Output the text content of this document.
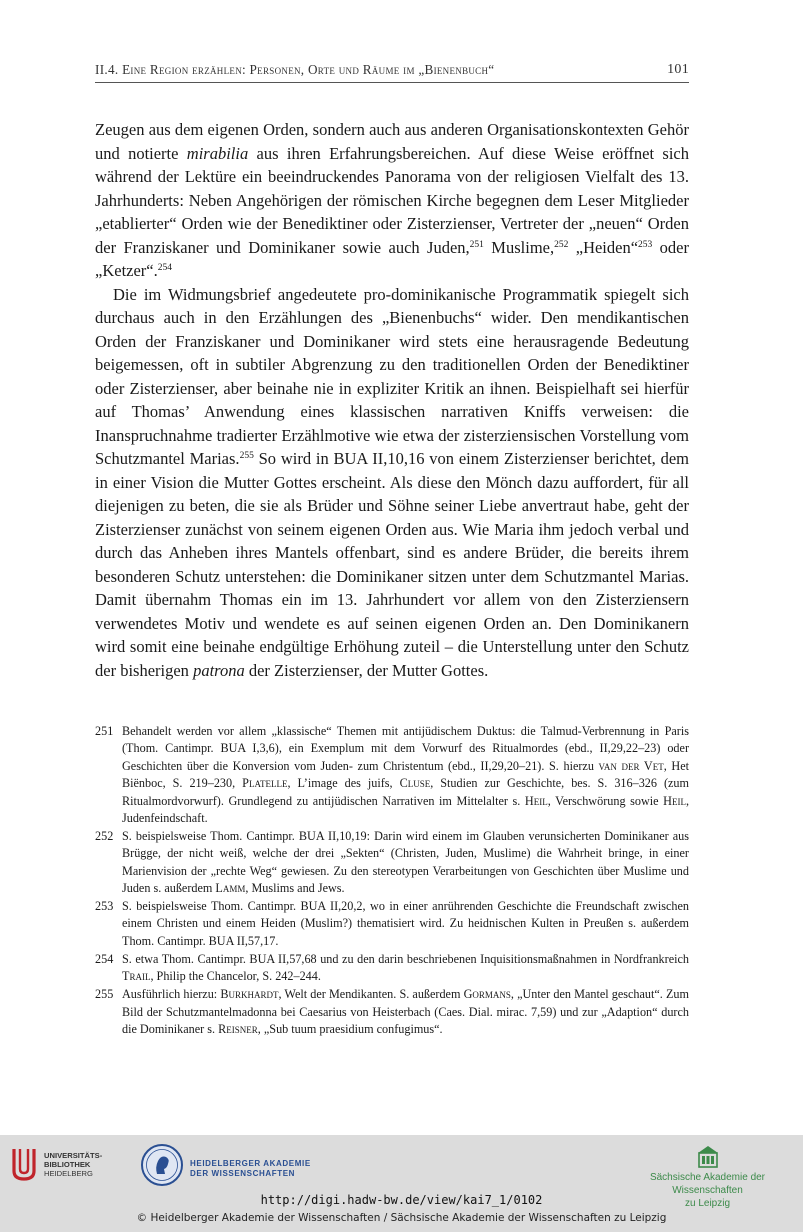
II.4. Eine Region erzählen: Personen, Orte und Räume im „Bienenbuch“	101

Zeugen aus dem eigenen Orden, sondern auch aus anderen Organisationskontexten Gehör und notierte mirabilia aus ihren Erfahrungsbereichen. Auf diese Weise eröffnet sich während der Lektüre ein beeindruckendes Panorama von der religiosen Vielfalt des 13. Jahrhunderts: Neben Angehörigen der römischen Kirche begegnen dem Leser Mitglieder „etablierter“ Orden wie der Benediktiner oder Zisterzienser, Vertreter der „neuen“ Orden der Franziskaner und Dominikaner sowie auch Juden,$^{251}$ Muslime,$^{252}$ „Heiden“$^{253}$ oder „Ketzer“.$^{254}$

Die im Widmungsbrief angedeutete pro-dominikanische Programmatik spiegelt sich durchaus auch in den Erzählungen des „Bienenbuchs“ wider. Den mendikantischen Orden der Franziskaner und Dominikaner wird stets eine herausragende Bedeutung beigemessen, oft in subtiler Abgrenzung zu den traditionellen Orden der Benediktiner oder Zisterzienser, aber beinahe nie in expliziter Kritik an ihnen. Beispielhaft sei hierfür auf Thomas’ Anwendung eines klassischen narrativen Kniffs verweisen: die Inanspruchnahme tradierter Erzählmotive wie etwa der zisterziensischen Vorstellung vom Schutzmantel Marias.$^{255}$ So wird in BUA II,10,16 von einem Zisterzienser berichtet, dem in einer Vision die Mutter Gottes erscheint. Als diese den Mönch dazu auffordert, für all diejenigen zu beten, die sie als Brüder und Söhne seiner Liebe anvertraut habe, geht der Zisterzienser zunächst von seinem eigenen Orden aus. Wie Maria ihm jedoch verbal und durch das Anheben ihres Mantels offenbart, sind es andere Brüder, die bereits ihrem besonderen Schutz unterstehen: die Dominikaner sitzen unter dem Schutzmantel Marias. Damit übernahm Thomas ein im 13. Jahrhundert vor allem von den Zisterziensern verwendetes Motiv und wendete es auf seinen eigenen Orden an. Den Dominikanern wird somit eine beinahe endgültige Erhöhung zuteil – die Unterstellung unter den Schutz der bisherigen patrona der Zisterzienser, der Mutter Gottes.

251 Behandelt werden vor allem „klassische“ Themen mit antijüdischem Duktus: die Talmud-Verbrennung in Paris (Thom. Cantimpr. BUA I,3,6), ein Exemplum mit dem Vorwurf des Ritualmordes (ebd., II,29,22–23) oder Geschichten über die Konversion vom Juden- zum Christentum (ebd., II,29,20–21). S. hierzu van der Vet, Het Biënboc, S. 219–230, Platelle, L’image des juifs, Cluse, Studien zur Geschichte, bes. S. 316–326 (zum Ritualmordvorwurf). Grundlegend zu antijüdischen Narrativen im Mittelalter s. Heil, Verschwörung sowie Heil, Judenfeindschaft.
252 S. beispielsweise Thom. Cantimpr. BUA II,10,19: Darin wird einem im Glauben verunsicherten Dominikaner aus Brügge, der nicht weiß, welche der drei „Sekten“ (Christen, Juden, Muslime) die Wahrheit bringe, in einer Marienvision der „rechte Weg“ gewiesen. Zu den stereotypen Verarbeitungen von Geschichten über Muslime und Juden s. außerdem Lamm, Muslims and Jews.
253 S. beispielsweise Thom. Cantimpr. BUA II,20,2, wo in einer anrührenden Geschichte die Freundschaft zwischen einem Christen und einem Heiden (Muslim?) thematisiert wird. Zu heidnischen Kulten in Preußen s. außerdem Thom. Cantimpr. BUA II,57,17.
254 S. etwa Thom. Cantimpr. BUA II,57,68 und zu den darin beschriebenen Inquisitionsmaßnahmen in Nordfrankreich Trail, Philip the Chancelor, S. 242–244.
255 Ausführlich hierzu: Burkhardt, Welt der Mendikanten. S. außerdem Gormans, „Unter den Mantel geschaut“. Zum Bild der Schutzmantelmadonna bei Caesarius von Heisterbach (Caes. Dial. mirac. 7,59) und zur „Adaption“ durch die Dominikaner s. Reisner, „Sub tuum praesidium confugimus“.
UNIVERSITÄTS-
BIBLIOTHEK
HEIDELBERG
HEIDELBERGER AKADEMIE
DER WISSENSCHAFTEN	Sächsische Akademie der Wissenschaften
zu Leipzig
http://digi.hadw-bw.de/view/kai7_1/0102
© Heidelberger Akademie der Wissenschaften / Sächsische Akademie der Wissenschaften zu Leipzig
